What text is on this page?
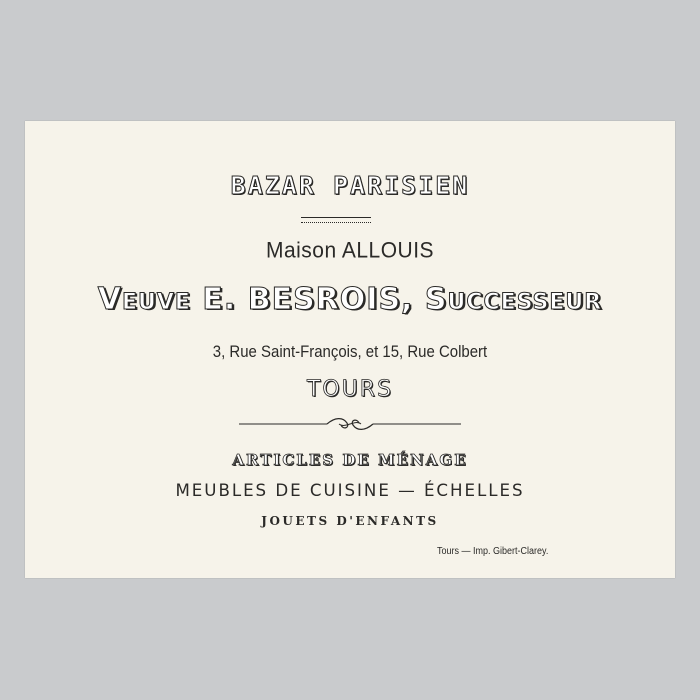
BAZAR PARISIEN
Maison ALLOUIS
VEUVE E. BESROIS, SUCCESSEUR
3, Rue Saint-François, et 15, Rue Colbert
TOURS
ARTICLES DE MÉNAGE
MEUBLES DE CUISINE — ÉCHELLES
JOUETS D'ENFANTS
Tours — Imp. Gibert-Clarey.
